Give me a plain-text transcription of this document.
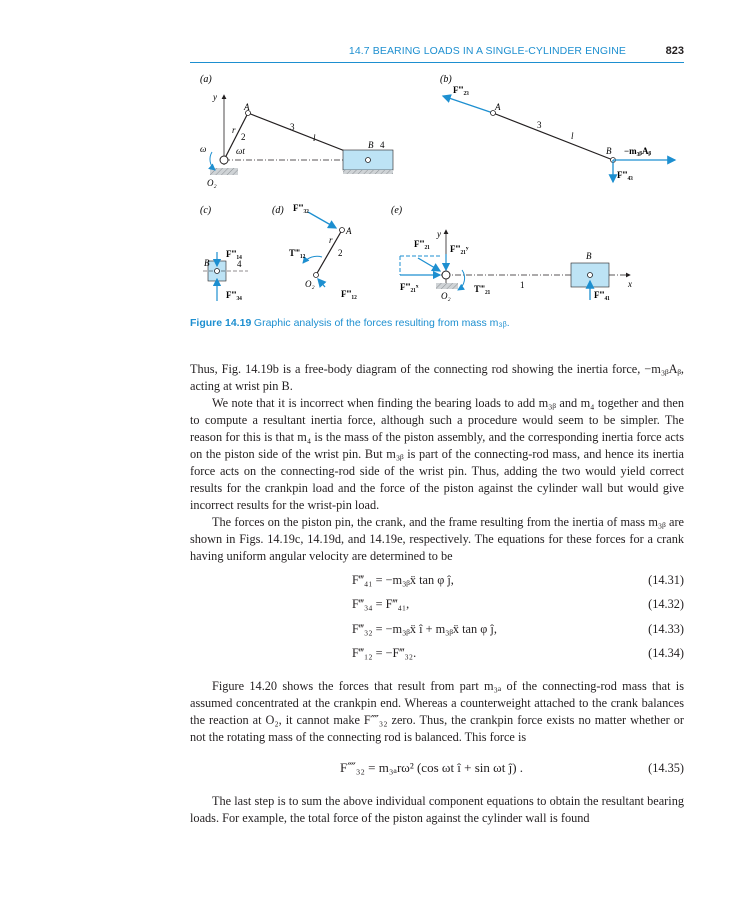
14.7 BEARING LOADS IN A SINGLE-CYLINDER ENGINE	823
(a)	(b)
(c)	(d)	(e)
y
A
r
2
3
l
ω	ωt
B 4
O₂
F‴₂₃
A
3
l
B −m₃ᵦAᵦ
F‴₄₃
F‴₁₄
B	4
F‴₃₄
F‴₃₂
A
r
2
T‴₁₂
O₂
F‴₁₂
y
x
F‴₂₁ F‴₂₁ʸ
F‴₂₁ˣ
O₂
T‴₂₁	1
B
F‴₄₁
Figure 14.19 Graphic analysis of the forces resulting from mass m₃ᵦ.

Thus, Fig. 14.19b is a free-body diagram of the connecting rod showing the inertia force, −m₃ᵦAᵦ, acting at wrist pin B.

We note that it is incorrect when finding the bearing loads to add m₃ᵦ and m₄ together and then to compute a resultant inertia force, although such a procedure would seem to be simpler. The reason for this is that m₄ is the mass of the piston assembly, and the corresponding inertia force acts on the piston side of the wrist pin. But m₃ᵦ is part of the connecting-rod mass, and hence its inertia force acts on the connecting-rod side of the wrist pin. Thus, adding the two would yield correct results for the crankpin load and the force of the piston against the cylinder wall but would give incorrect results for the wrist-pin load.

The forces on the piston pin, the crank, and the frame resulting from the inertia of mass m₃ᵦ are shown in Figs. 14.19c, 14.19d, and 14.19e, respectively. The equations for these forces for a crank having uniform angular velocity are determined to be

F‴₄₁ = −m₃ᵦẍ tan φ ĵ,	(14.31)
F‴₃₄ = F‴₄₁,	(14.32)
F‴₃₂ = −m₃ᵦẍ î + m₃ᵦẍ tan φ ĵ,	(14.33)
F‴₁₂ = −F‴₃₂.	(14.34)

Figure 14.20 shows the forces that result from part m₃ₐ of the connecting-rod mass that is assumed concentrated at the crankpin end. Whereas a counterweight attached to the crank balances the reaction at O₂, it cannot make F⁗₃₂ zero. Thus, the crankpin force exists no matter whether or not the rotating mass of the connecting rod is balanced. This force is

F⁗₃₂ = m₃ₐrω² (cos ωt î + sin ωt ĵ) .	(14.35)

The last step is to sum the above individual component equations to obtain the resultant bearing loads. For example, the total force of the piston against the cylinder wall is found
